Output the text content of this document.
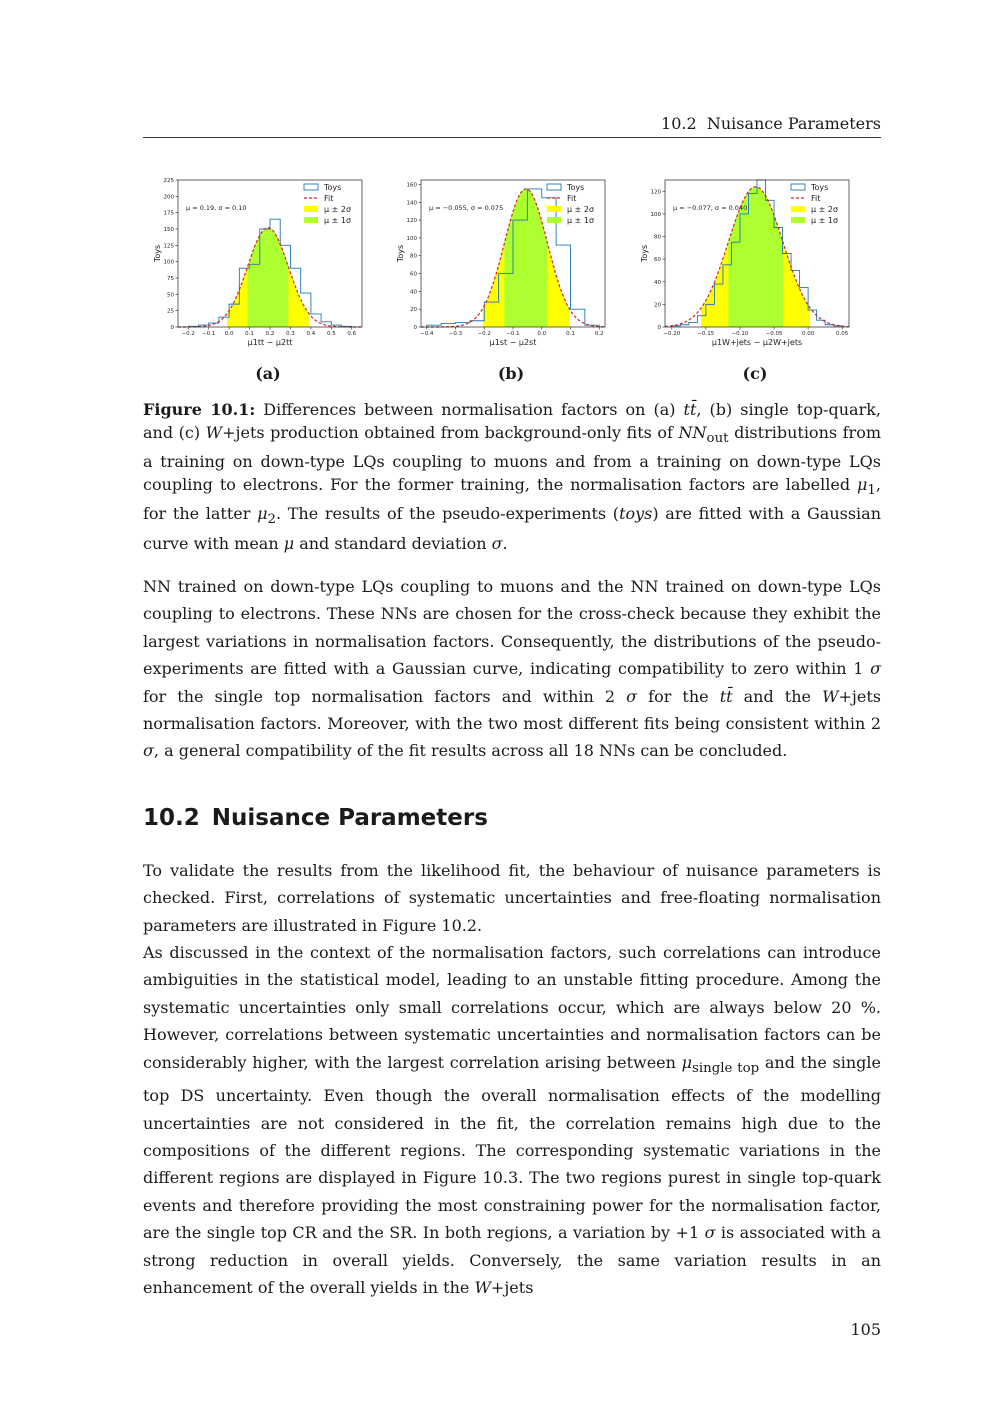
10.2 Nuisance Parameters
−0.2 −0.1 0.0 0.1 0.2 0.3 0.4 0.5 0.6
0
25
50
75
100
125
150
175
200
225
μ1tt − μ2tt
Toys
μ = 0.19, σ = 0.10
Toys
Fit
μ ± 2σ
μ ± 1σ
−0.4	−0.3	−0.2	−0.1	0.0	0.1	0.2
0
20
40
60
80
100
120
140
160
μ1st − μ2st
Toys
μ = −0.055, σ = 0.075
Toys
Fit
μ ± 2σ
μ ± 1σ
−0.20	−0.15	−0.10	−0.05	0.00	0.05
0
20
40
60
80
100
120
μ1W+jets − μ2W+jets
Toys
μ = −0.077, σ = 0.040
Toys
Fit
μ ± 2σ
μ ± 1σ
(a)	(b)	(c)
Figure 10.1: Differences between normalisation factors on (a) tt̄, (b) single top-quark, and (c) W+jets production obtained from background-only fits of $NN_{out}$ distributions from a training on down-type LQs coupling to muons and from a training on down-type LQs coupling to electrons. For the former training, the normalisation factors are labelled $\mu_1$, for the latter $\mu_2$. The results of the pseudo-experiments (toys) are fitted with a Gaussian curve with mean μ and standard deviation σ.

NN trained on down-type LQs coupling to muons and the NN trained on down-type LQs coupling to electrons. These NNs are chosen for the cross-check because they exhibit the largest variations in normalisation factors. Consequently, the distributions of the pseudo-experiments are fitted with a Gaussian curve, indicating compatibility to zero within 1 σ for the single top normalisation factors and within 2 σ for the tt̄ and the W+jets normalisation factors. Moreover, with the two most different fits being consistent within 2 σ, a general compatibility of the fit results across all 18 NNs can be concluded.

10.2 Nuisance Parameters

To validate the results from the likelihood fit, the behaviour of nuisance parameters is checked. First, correlations of systematic uncertainties and free-floating normalisation parameters are illustrated in Figure 10.2.

As discussed in the context of the normalisation factors, such correlations can introduce ambiguities in the statistical model, leading to an unstable fitting procedure. Among the systematic uncertainties only small correlations occur, which are always below 20 %. However, correlations between systematic uncertainties and normalisation factors can be considerably higher, with the largest correlation arising between $\mu_{single top}$ and the single top DS uncertainty. Even though the overall normalisation effects of the modelling uncertainties are not considered in the fit, the correlation remains high due to the compositions of the different regions. The corresponding systematic variations in the different regions are displayed in Figure 10.3. The two regions purest in single top-quark events and therefore providing the most constraining power for the normalisation factor, are the single top CR and the SR. In both regions, a variation by +1 σ is associated with a strong reduction in overall yields. Conversely, the same variation results in an enhancement of the overall yields in the W+jets

105
